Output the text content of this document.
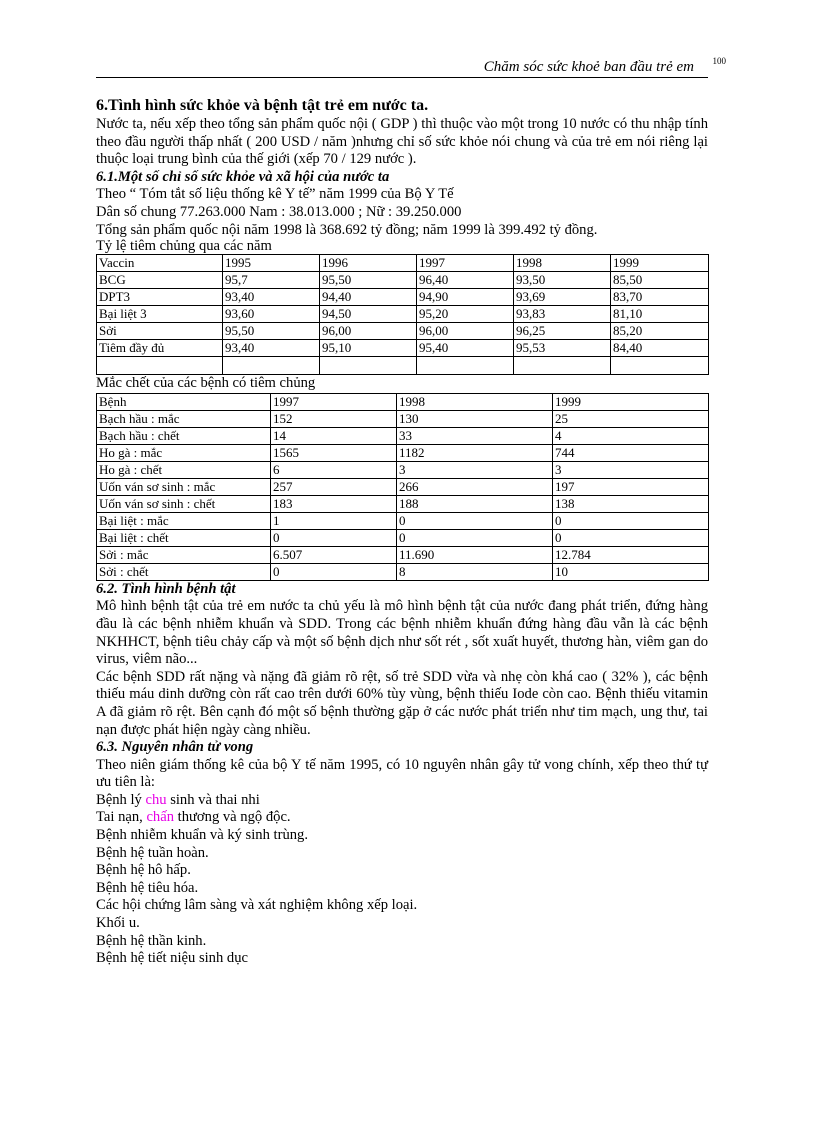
Chăm sóc sức khoẻ ban đầu trẻ em 100

6.Tình hình sức khỏe và bệnh tật trẻ em nước ta.

Nước ta, nếu xếp theo tổng sản phẩm quốc nội ( GDP ) thì thuộc vào một trong 10 nước có thu nhập tính theo đầu người thấp nhất ( 200 USD / năm )nhưng chỉ số sức khỏe nói chung và của trẻ em nói riêng lại thuộc loại trung bình của thế giới (xếp 70 / 129 nước ).

6.1.Một số chỉ số sức khỏe và xã hội của nước ta

Theo “ Tóm tắt số liệu thống kê Y tế” năm 1999 của Bộ Y Tế

Dân số chung 77.263.000 Nam : 38.013.000 ; Nữ : 39.250.000

Tổng sản phẩm quốc nội năm 1998 là 368.692 tỷ đồng; năm 1999 là 399.492 tỷ đồng.

Tỷ lệ tiêm chủng qua các năm

Vaccin	1995	1996	1997	1998	1999
BCG	95,7	95,50	96,40	93,50	85,50
DPT3	93,40	94,40	94,90	93,69	83,70
Bại liệt 3	93,60	94,50	95,20	93,83	81,10
Sởi	95,50	96,00	96,00	96,25	85,20
Tiêm đầy đủ	93,40	95,10	95,40	95,53	84,40

Mắc chết của các bệnh có tiêm chủng

Bệnh	1997	1998	1999
Bạch hầu : mắc	152	130	25
Bạch hầu : chết	14	33	4
Ho gà : mắc	1565	1182	744
Ho gà : chết	6	3	3
Uốn ván sơ sinh : mắc	257	266	197
Uốn ván sơ sinh : chết	183	188	138
Bại liệt : mắc	1	0	0
Bại liệt : chết	0	0	0
Sởi : mắc	6.507	11.690	12.784
Sởi : chết	0	8	10

6.2. Tình hình bệnh tật

Mô hình bệnh tật của trẻ em nước ta chủ yếu là mô hình bệnh tật của nước đang phát triển, đứng hàng đầu là các bệnh nhiễm khuẩn và SDD. Trong các bệnh nhiễm khuẩn đứng hàng đầu vẫn là các bệnh NKHHCT, bệnh tiêu chảy cấp và một số bệnh dịch như sốt rét , sốt xuất huyết, thương hàn, viêm gan do virus, viêm não...

Các bệnh SDD rất nặng và nặng đã giảm rõ rệt, số trẻ SDD vừa và nhẹ còn khá cao ( 32% ), các bệnh thiếu máu dinh dưỡng còn rất cao trên dưới 60% tùy vùng, bệnh thiếu Iode còn cao. Bệnh thiếu vitamin A đã giảm rõ rệt. Bên cạnh đó một số bệnh thường gặp ở các nước phát triển như tim mạch, ung thư, tai nạn được phát hiện ngày càng nhiều.

6.3. Nguyên nhân tử vong

Theo niên giám thống kê của bộ Y tế năm 1995, có 10 nguyên nhân gây tử vong chính, xếp theo thứ tự ưu tiên là:

Bệnh lý chu sinh và thai nhi

Tai nạn, chấn thương và ngộ độc.

Bệnh nhiễm khuẩn và ký sinh trùng.

Bệnh hệ tuần hoàn.

Bệnh hệ hô hấp.

Bệnh hệ tiêu hóa.

Các hội chứng lâm sàng và xát nghiệm không xếp loại.

Khối u.

Bệnh hệ thần kinh.

Bệnh hệ tiết niệu sinh dục
